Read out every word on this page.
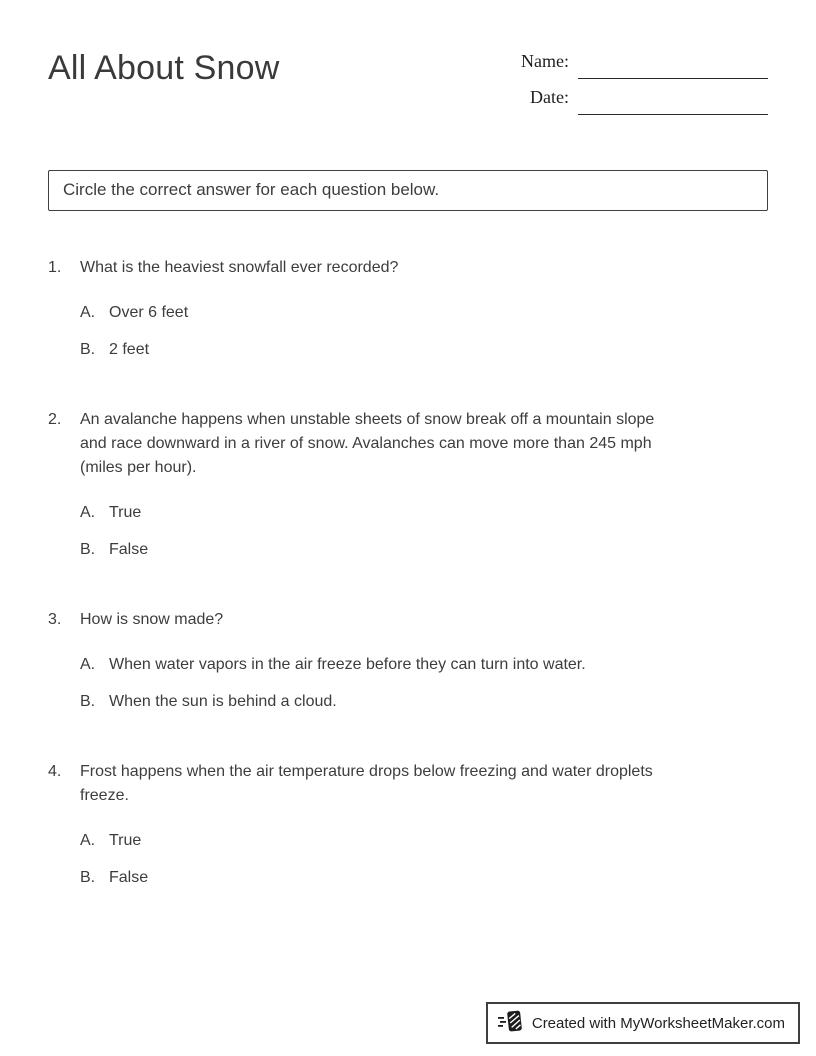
All About Snow	Name:
Date:
Circle the correct answer for each question below.
1.	What is the heaviest snowfall ever recorded?
A. Over 6 feet
B. 2 feet
2.	An avalanche happens when unstable sheets of snow break off a mountain slope and race downward in a river of snow. Avalanches can move more than 245 mph (miles per hour).
A. True
B. False
3.	How is snow made?
A. When water vapors in the air freeze before they can turn into water.
B. When the sun is behind a cloud.
4.	Frost happens when the air temperature drops below freezing and water droplets freeze.
A. True
B. False
Created with MyWorksheetMaker.com
